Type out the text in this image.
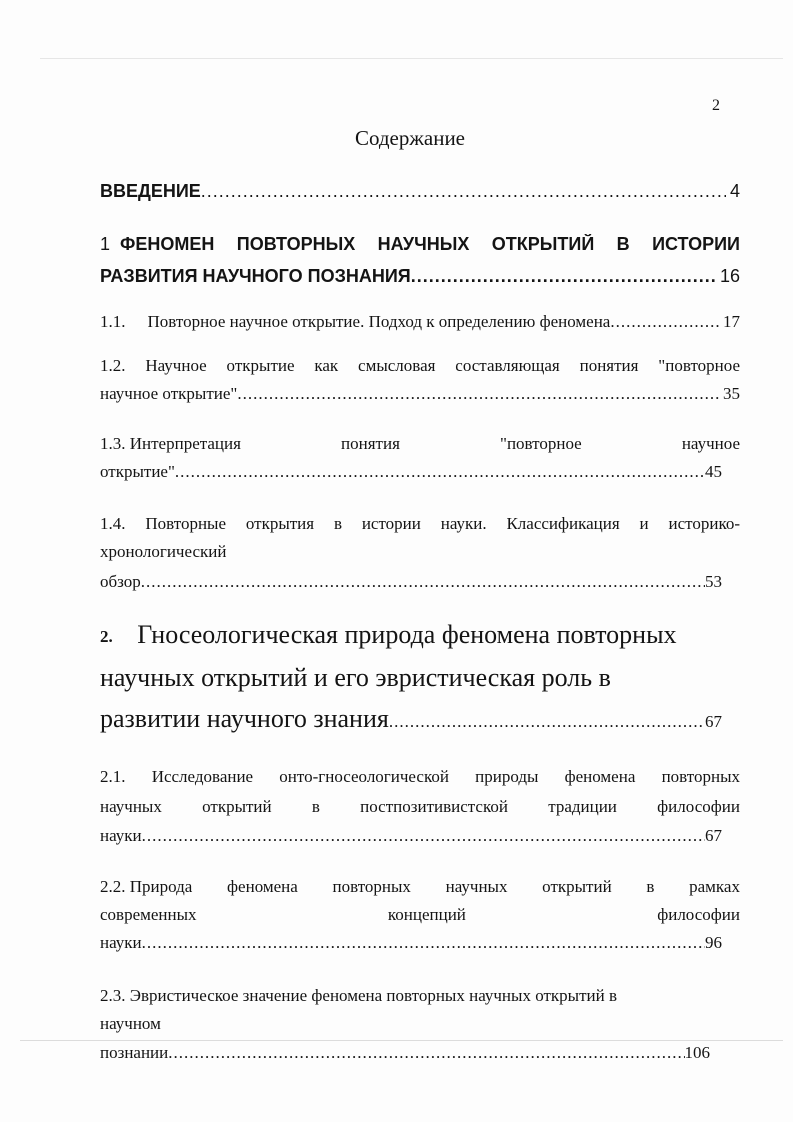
2
Содержание
ВВЕДЕНИЕ .....	4
1 ФЕНОМЕН ПОВТОРНЫХ НАУЧНЫХ ОТКРЫТИЙ В ИСТОРИИ
РАЗВИТИЯ НАУЧНОГО ПОЗНАНИЯ .....	16
1.1.	Повторное научное открытие. Подход к определению феномена .....	17
1.2. Научное открытие как смысловая составляющая понятия "повторное
научное открытие" .....	35
1.3. Интерпретация	понятия	"повторное	научное
открытие" .....	45
1.4. Повторные открытия в истории науки. Классификация и историко-
хронологический
обзор .....	53
2. Гносеологическая природа феномена повторных
научных открытий и его эвристическая роль в
развитии научного знания .....	67
2.1. Исследование онто-гносеологической природы феномена повторных
научных открытий в постпозитивистской традиции философии
науки .....	67
2.2. Природа феномена повторных научных открытий в рамках
современных	концепций	философии
науки .....	96
2.3. Эвристическое значение феномена повторных научных открытий в
научном
познании .....	106
